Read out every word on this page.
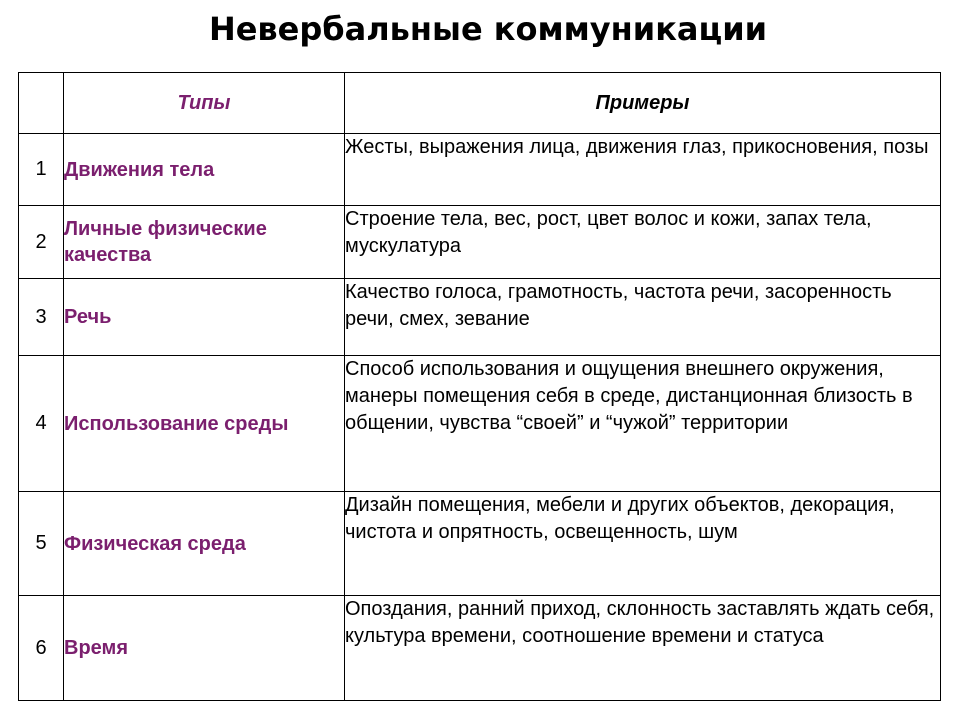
Невербальные коммуникации
	Типы	Примеры
1	Движения тела	Жесты, выражения лица, движения глаз, прикосновения, позы
2	Личные физические качества	Строение тела, вес, рост, цвет волос и кожи, запах тела, мускулатура
3	Речь	Качество голоса, грамотность, частота речи, засоренность речи, смех, зевание
4	Использование среды	Способ использования и ощущения внешнего окружения, манеры помещения себя в среде, дистанционная близость в общении, чувства “своей” и “чужой” территории
5	Физическая среда	Дизайн помещения, мебели и других объектов, декорация, чистота и опрятность, освещенность, шум
6	Время	Опоздания, ранний приход, склонность заставлять ждать себя, культура времени, соотношение времени и статуса
